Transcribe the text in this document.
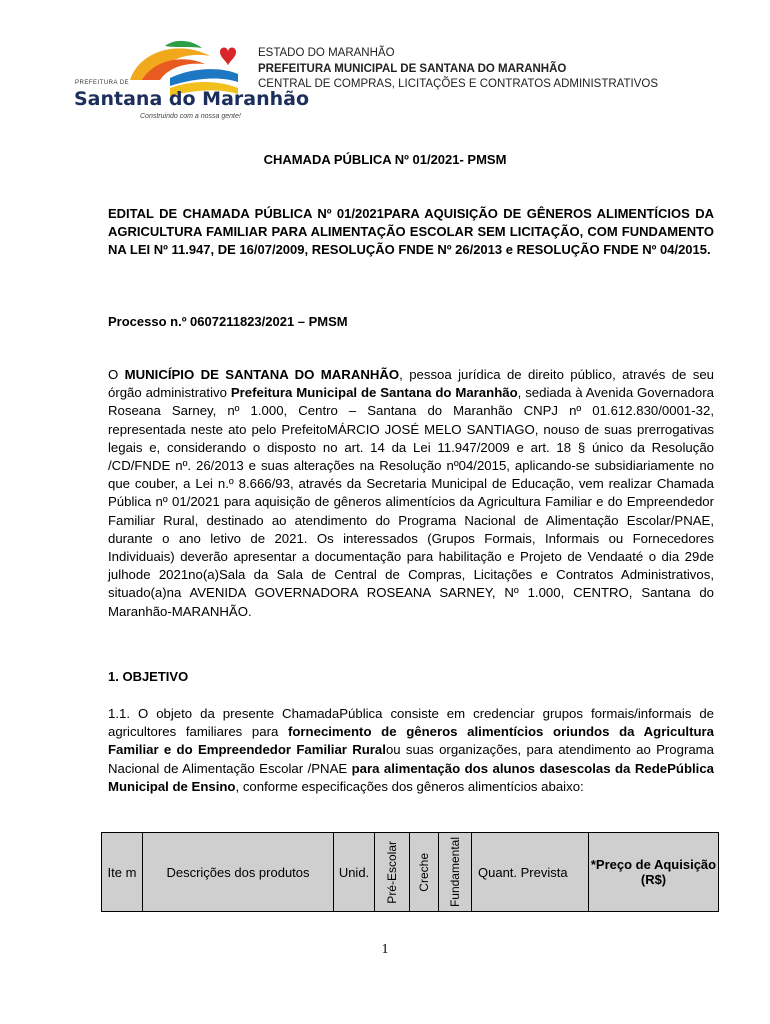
PREFEITURA DE
Santana do Maranhão
Construindo com a nossa gente!
ESTADO DO MARANHÃO
PREFEITURA MUNICIPAL DE SANTANA DO MARANHÃO
CENTRAL DE COMPRAS, LICITAÇÕES E CONTRATOS ADMINISTRATIVOS
CHAMADA PÚBLICA Nº 01/2021- PMSM
EDITAL DE CHAMADA PÚBLICA Nº 01/2021PARA AQUISIÇÃO DE GÊNEROS ALIMENTÍCIOS DA AGRICULTURA FAMILIAR PARA ALIMENTAÇÃO ESCOLAR SEM LICITAÇÃO, COM FUNDAMENTO NA LEI Nº 11.947, DE 16/07/2009, RESOLUÇÃO FNDE Nº 26/2013 e RESOLUÇÃO FNDE Nº 04/2015.
Processo n.º 0607211823/2021 – PMSM
O MUNICÍPIO DE SANTANA DO MARANHÃO, pessoa jurídica de direito público, através de seu órgão administrativo Prefeitura Municipal de Santana do Maranhão, sediada à Avenida Governadora Roseana Sarney, nº 1.000, Centro – Santana do Maranhão CNPJ nº 01.612.830/0001-32, representada neste ato pelo PrefeitoMÁRCIO JOSÉ MELO SANTIAGO, nouso de suas prerrogativas legais e, considerando o disposto no art. 14 da Lei 11.947/2009 e art. 18 § único da Resolução /CD/FNDE nº. 26/2013 e suas alterações na Resolução nº04/2015, aplicando-se subsidiariamente no que couber, a Lei n.º 8.666/93, através da Secretaria Municipal de Educação, vem realizar Chamada Pública nº 01/2021 para aquisição de gêneros alimentícios da Agricultura Familiar e do Empreendedor Familiar Rural, destinado ao atendimento do Programa Nacional de Alimentação Escolar/PNAE, durante o ano letivo de 2021. Os interessados (Grupos Formais, Informais ou Fornecedores Individuais) deverão apresentar a documentação para habilitação e Projeto de Vendaaté o dia 29de julhode 2021no(a)Sala da Sala de Central de Compras, Licitações e Contratos Administrativos, situado(a)na AVENIDA GOVERNADORA ROSEANA SARNEY, Nº 1.000, CENTRO, Santana do Maranhão-MARANHÃO.
1. OBJETIVO
1.1. O objeto da presente ChamadaPública consiste em credenciar grupos formais/informais de agricultores familiares para fornecimento de gêneros alimentícios oriundos da Agricultura Familiar e do Empreendedor Familiar Ruralou suas organizações, para atendimento ao Programa Nacional de Alimentação Escolar /PNAE para alimentação dos alunos dasescolas da RedePública Municipal de Ensino, conforme especificações dos gêneros alimentícios abaixo:
Ite m	Descrições dos produtos	Unid.	Pré-Escolar	Creche	Fundamental	Quant. Prevista	*Preço de Aquisição (R$)
1
